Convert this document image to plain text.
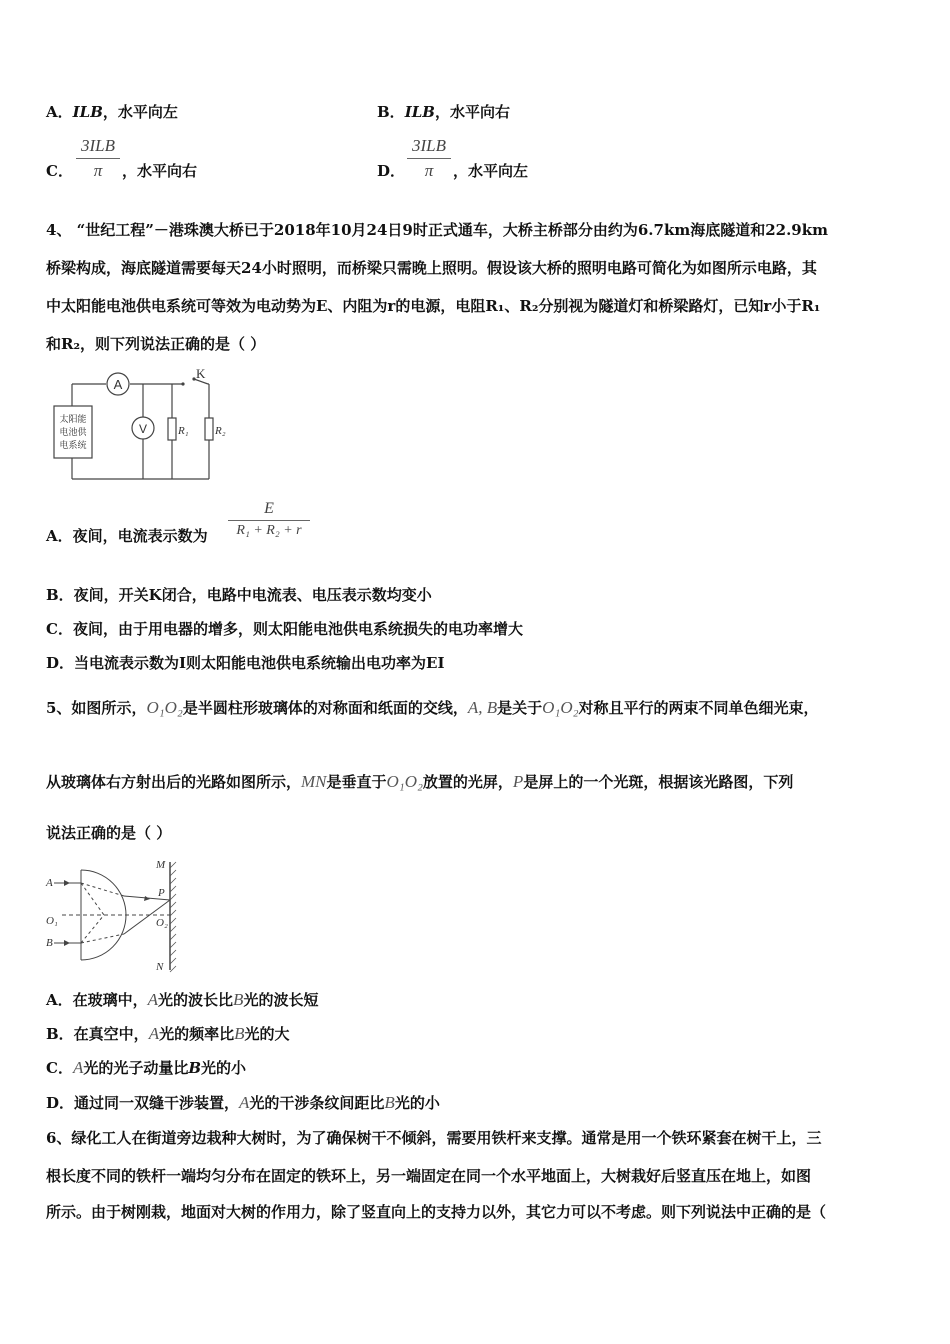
A．ILB，水平向左	B．ILB，水平向右
C．
3ILB
π	，水平向右	D．
3ILB
π	，水平向左
4、 “世纪工程”－港珠澳大桥已于2018年10月24日9时正式通车，大桥主桥部分由约为6.7km海底隧道和22.9km
桥梁构成，海底隧道需要每天24小时照明，而桥梁只需晚上照明。假设该大桥的照明电路可简化为如图所示电路，其
中太阳能电池供电系统可等效为电动势为E、内阻为r的电源，电阻R₁、R₂分别视为隧道灯和桥梁路灯，已知r小于R₁
和R₂，则下列说法正确的是（ ）
A
V
K
R₁ R₂
太阳能
电池供
电系统
A．夜间，电流表示数为	$\frac{E}{\text{R₁ + R₂ + r}}$
B．夜间，开关K闭合，电路中电流表、电压表示数均变小
C．夜间，由于用电器的增多，则太阳能电池供电系统损失的电功率增大
D．当电流表示数为I则太阳能电池供电系统输出电功率为EI
5、如图所示，O₁O₂是半圆柱形玻璃体的对称面和纸面的交线，A, B是关于O₁O₂对称且平行的两束不同单色细光束，
从玻璃体右方射出后的光路如图所示，MN是垂直于O₁O₂放置的光屏，P是屏上的一个光斑，根据该光路图，下列
说法正确的是（ ）
A
B
O₁	O₂
M
N
P
A．在玻璃中，A光的波长比B光的波长短
B．在真空中，A光的频率比B光的大
C．A光的光子动量比B光的小
D．通过同一双缝干涉装置，A光的干涉条纹间距比B光的小
6、绿化工人在街道旁边栽种大树时，为了确保树干不倾斜，需要用铁杆来支撑。通常是用一个铁环紧套在树干上，三
根长度不同的铁杆一端均匀分布在固定的铁环上，另一端固定在同一个水平地面上，大树栽好后竖直压在地上，如图
所示。由于树刚栽，地面对大树的作用力，除了竖直向上的支持力以外，其它力可以不考虑。则下列说法中正确的是（
